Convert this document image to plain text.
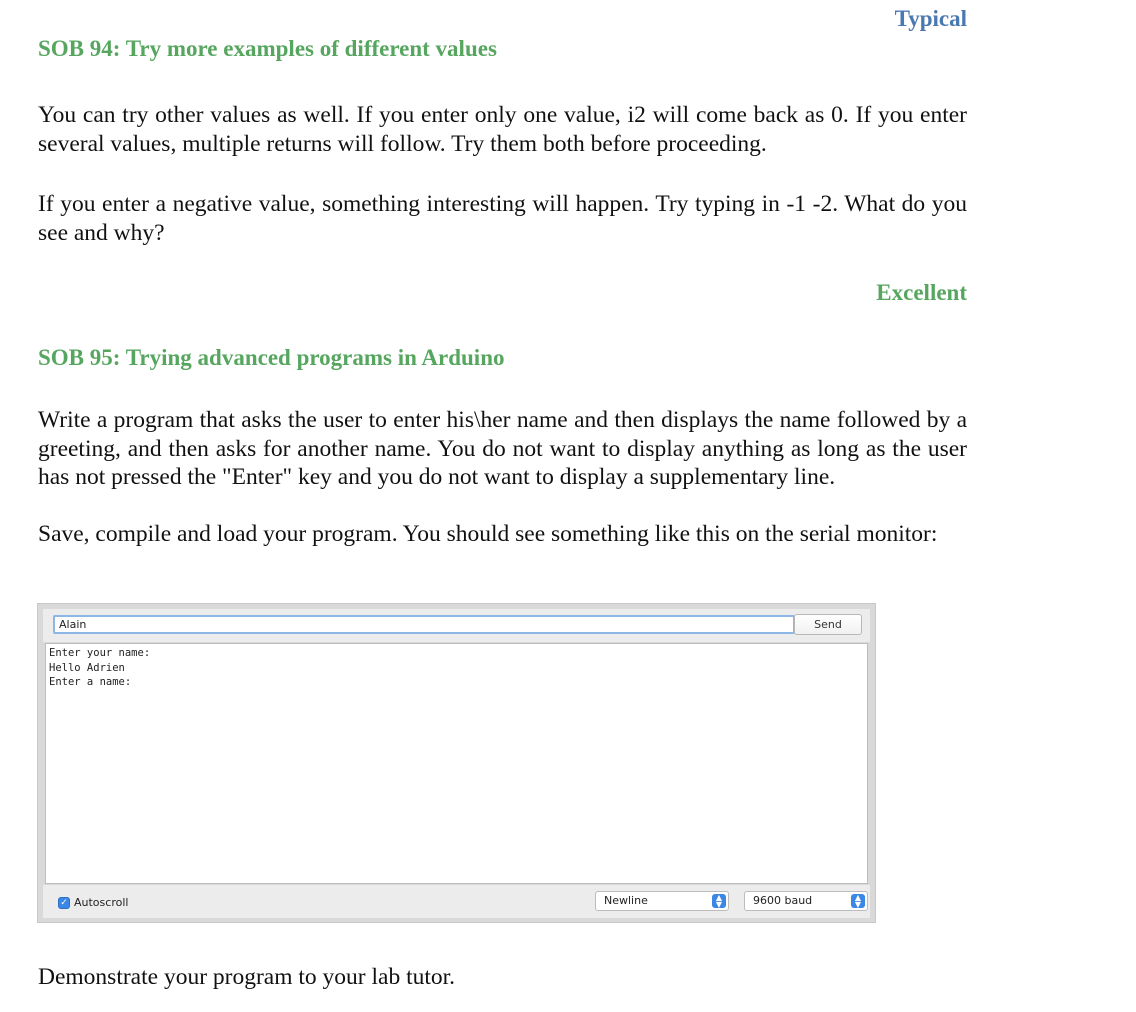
Typical
SOB 94: Try more examples of different values
You can try other values as well. If you enter only one value, i2 will come back as 0. If you enter several values, multiple returns will follow. Try them both before proceeding.
If you enter a negative value, something interesting will happen. Try typing in -1 -2. What do you see and why?
Excellent
SOB 95: Trying advanced programs in Arduino
Write a program that asks the user to enter his\her name and then displays the name followed by a greeting, and then asks for another name. You do not want to display anything as long as the user has not pressed the "Enter" key and you do not want to display a supplementary line.
Save, compile and load your program. You should see something like this on the serial monitor:
Alain	Send
Enter your name:
Hello Adrien
Enter a name:
✓ Autoscroll	Newline	▲
▼	9600 baud	▲
▼
Demonstrate your program to your lab tutor.
